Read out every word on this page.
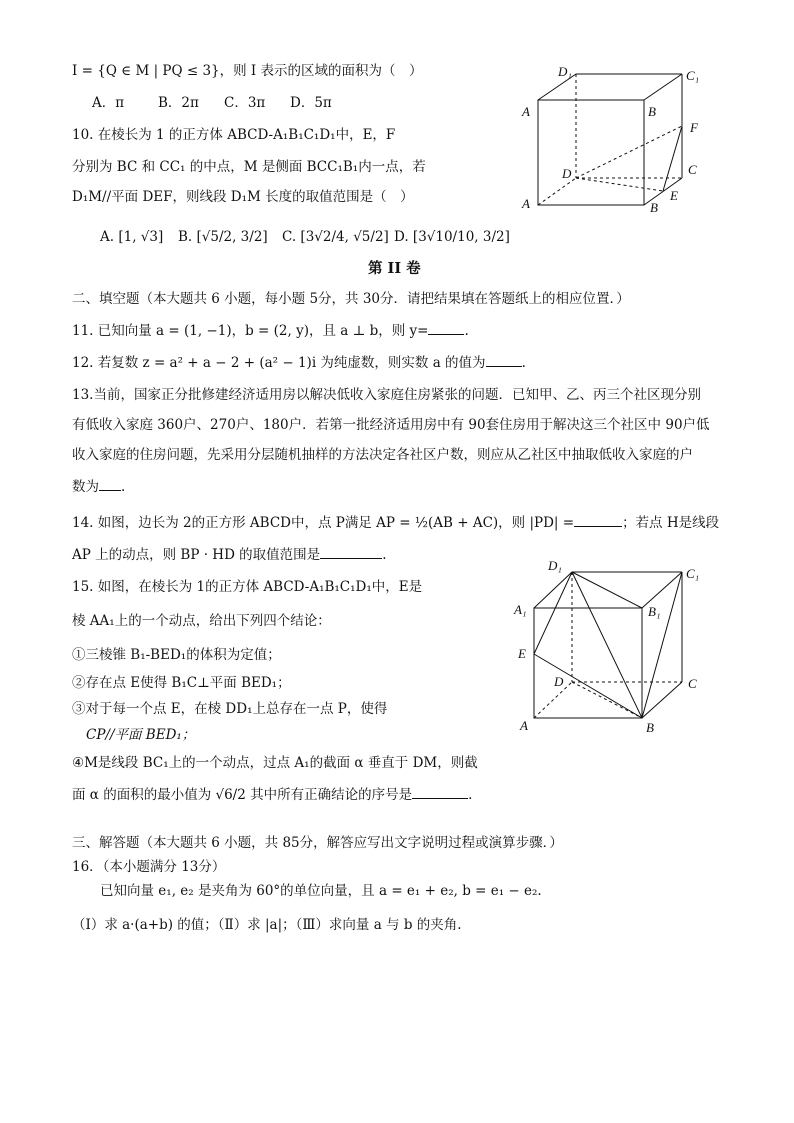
I = {Q ∈ M | PQ ≤ 3}，则 I 表示的区域的面积为（　）
A．π	B．2π C．3π D．5π
10. 在棱长为 1 的正方体 ABCD-A₁B₁C₁D₁中，E，F
分别为 BC 和 CC₁ 的中点，M 是侧面 BCC₁B₁内一点，若
D₁M//平面 DEF，则线段 D₁M 长度的取值范围是（　）
A. [1, √3] B. [√5/2, 3/2] C. [3√2/4, √5/2] D. [3√10/10, 3/2]
D₁	C₁
A	B
F
D	C
A	B
E
第 II 卷
二、填空题（本大题共 6 小题，每小题 5分，共 30分．请把结果填在答题纸上的相应位置．）
11. 已知向量 a = (1, −1)，b = (2, y)，且 a ⊥ b，则 y=	.
12. 若复数 z = a² + a − 2 + (a² − 1)i 为纯虚数，则实数 a 的值为	.
13.当前，国家正分批修建经济适用房以解决低收入家庭住房紧张的问题．已知甲、乙、丙三个社区现分别
有低收入家庭 360户、270户、180户．若第一批经济适用房中有 90套住房用于解决这三个社区中 90户低
收入家庭的住房问题，先采用分层随机抽样的方法决定各社区户数，则应从乙社区中抽取低收入家庭的户
数为 .
14. 如图，边长为 2的正方形 ABCD中，点 P满足 AP = ½(AB + AC)，则 |PD| =	；若点 H是线段
AP 上的动点，则 BP · HD 的取值范围是	.
15. 如图，在棱长为 1的正方体 ABCD-A₁B₁C₁D₁中，E是
棱 AA₁上的一个动点，给出下列四个结论：
①三棱锥 B₁-BED₁的体积为定值；
②存在点 E使得 B₁C⊥平面 BED₁；
③对于每一个点 E，在棱 DD₁上总存在一点 P，使得
CP//平面 BED₁；
④M是线段 BC₁上的一个动点，过点 A₁的截面 α 垂直于 DM，则截
面 α 的面积的最小值为 √6/2 其中所有正确结论的序号是	.
D₁
C₁
A₁	B₁
E
D	C
A	B
三、解答题（本大题共 6 小题，共 85分，解答应写出文字说明过程或演算步骤．）
16．（本小题满分 13分）
已知向量 e₁, e₂ 是夹角为 60°的单位向量，且 a = e₁ + e₂, b = e₁ − e₂.
（Ⅰ）求 a·(a+b) 的值；（Ⅱ）求 |a|；（Ⅲ）求向量 a 与 b 的夹角.
